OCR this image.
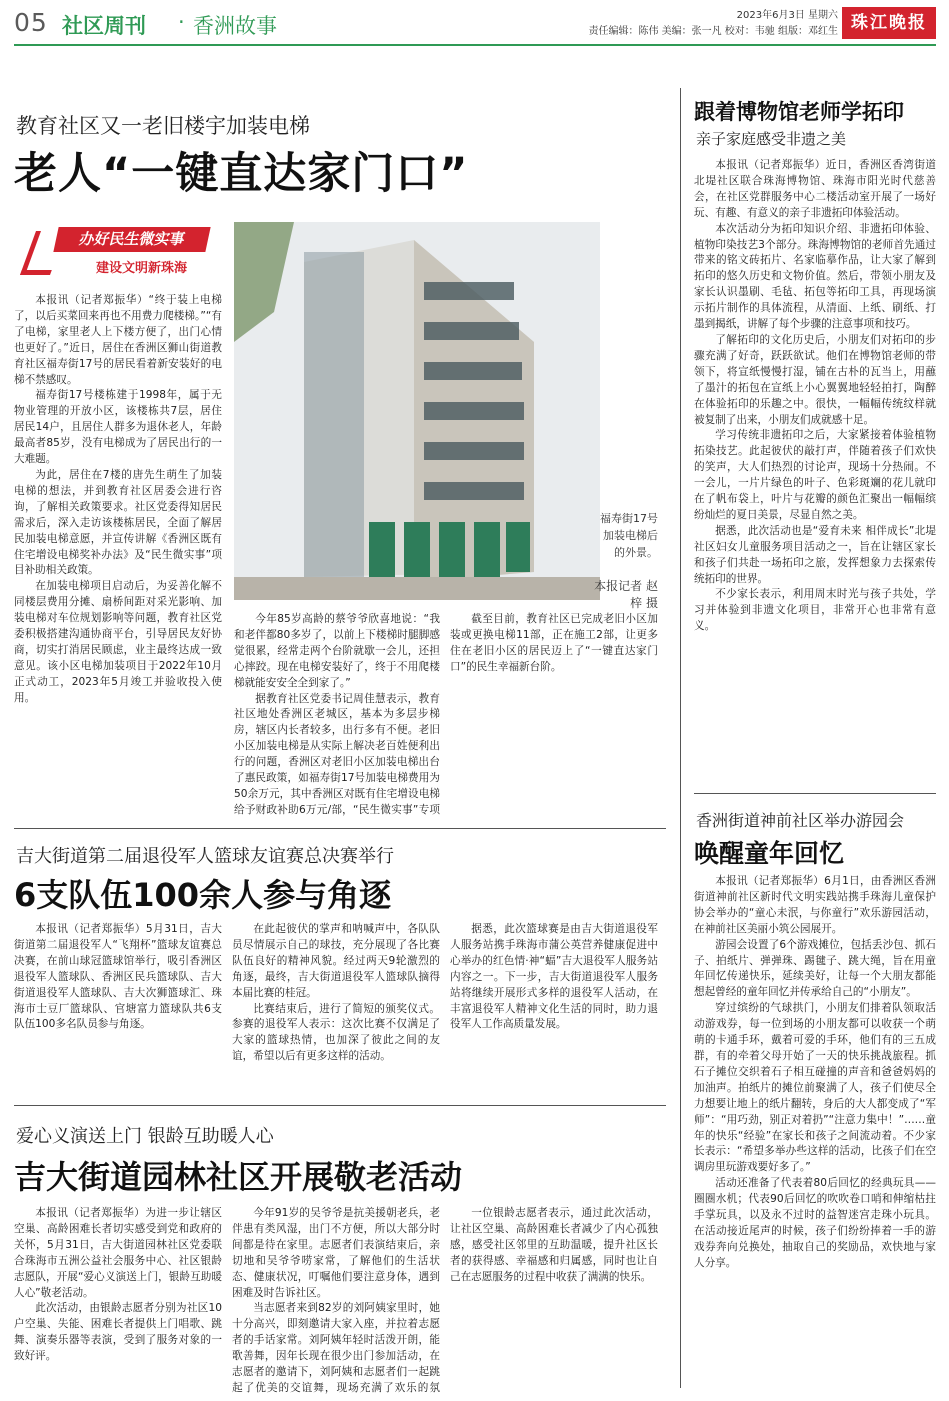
05 社区周刊 · 香洲故事	2023年6月3日 星期六
责任编辑：陈伟 美编：张一凡 校对：韦驰 组版：邓红生 珠江晚报
教育社区又一老旧楼宇加装电梯
老人“一键直达家门口”
办好民生微实事
建设文明新珠海
福寿街17号加装电梯后的外景。
本报记者 赵梓 摄

本报讯（记者郑振华）“终于装上电梯了，以后买菜回来再也不用费力爬楼梯。”“有了电梯，家里老人上下楼方便了，出门心情也更好了。”近日，居住在香洲区狮山街道教育社区福寿街17号的居民看着新安装好的电梯不禁感叹。

福寿街17号楼栋建于1998年，属于无物业管理的开放小区，该楼栋共7层，居住居民14户，且居住人群多为退休老人，年龄最高者85岁，没有电梯成为了居民出行的一大难题。

为此，居住在7楼的唐先生萌生了加装电梯的想法，并到教育社区居委会进行咨询，了解相关政策要求。社区党委得知居民需求后，深入走访该楼栋居民，全面了解居民加装电梯意愿，并宣传讲解《香洲区既有住宅增设电梯奖补办法》及“民生微实事”项目补助相关政策。

在加装电梯项目启动后，为妥善化解不同楼层费用分摊、扇桥间距对采光影响、加装电梯对车位规划影响等问题，教育社区党委积极搭建沟通协商平台，引导居民友好协商，切实打消居民顾虑，业主最终达成一致意见。该小区电梯加装项目于2022年10月正式动工，2023年5月竣工并验收投入使用。

今年85岁高龄的蔡爷爷欣喜地说：“我和老伴都80多岁了，以前上下楼梯时腿脚感觉很累，经常走两个台阶就歇一会儿，还担心摔跤。现在电梯安装好了，终于不用爬楼梯就能安安全全到家了。”

据教育社区党委书记周佳慧表示，教育社区地处香洲区老城区，基本为多层步梯房，辖区内长者较多，出行多有不便。老旧小区加装电梯是从实际上解决老百姓便利出行的问题，香洲区对老旧小区加装电梯出台了惠民政策，如福寿街17号加装电梯费用为50余万元，其中香洲区对既有住宅增设电梯给予财政补助6万元/部，“民生微实事”专项

截至目前，教育社区已完成老旧小区加装或更换电梯11部，正在施工2部，让更多住在老旧小区的居民迈上了“一键直达家门口”的民生幸福新台阶。

吉大街道第二届退役军人篮球友谊赛总决赛举行
6支队伍100余人参与角逐

本报讯（记者郑振华）5月31日，吉大街道第二届退役军人“飞翔杯”篮球友谊赛总决赛，在前山球冠篮球馆举行，吸引香洲区退役军人篮球队、香洲区民兵篮球队、吉大街道退役军人篮球队、吉大次狮篮球汇、珠海市士豆厂篮球队、官塘富力篮球队共6支队伍100多名队员参与角逐。

在此起彼伏的掌声和呐喊声中，各队队员尽情展示自己的球技，充分展现了各比赛队伍良好的精神风貌。经过两天9轮激烈的角逐，最终，吉大街道退役军人篮球队摘得本届比赛的桂冠。

比赛结束后，进行了简短的颁奖仪式。参赛的退役军人表示：这次比赛不仅满足了大家的篮球热情，也加深了彼此之间的友谊，希望以后有更多这样的活动。

据悉，此次篮球赛是由吉大街道退役军人服务站携手珠海市蒲公英营养健康促进中心举办的红色情·神“蝠”吉大退役军人服务站内容之一。下一步，吉大街道退役军人服务站将继续开展形式多样的退役军人活动，在丰富退役军人精神文化生活的同时，助力退役军人工作高质量发展。

爱心义演送上门 银龄互助暖人心
吉大街道园林社区开展敬老活动

本报讯（记者郑振华）为进一步让辖区空巢、高龄困难长者切实感受到党和政府的关怀，5月31日，吉大街道园林社区党委联合珠海市五洲公益社会服务中心、社区银龄志愿队，开展“爱心义演送上门，银龄互助暖人心”敬老活动。

此次活动，由银龄志愿者分别为社区10户空巢、失能、困难长者提供上门唱歌、跳舞、演奏乐器等表演，受到了服务对象的一致好评。

今年91岁的吴爷爷是抗美援朝老兵，老伴患有类风湿，出门不方便，所以大部分时间都是待在家里。志愿者们表演结束后，亲切地和吴爷爷唠家常，了解他们的生活状态、健康状况，叮嘱他们要注意身体，遇到困难及时告诉社区。

当志愿者来到82岁的刘阿姨家里时，她十分高兴，即刻邀请大家入座，并拉着志愿者的手话家常。刘阿姨年轻时活泼开朗，能歌善舞，因年长现在很少出门参加活动，在志愿者的邀请下，刘阿姨和志愿者们一起跳起了优美的交谊舞，现场充满了欢乐的氛

一位银龄志愿者表示，通过此次活动，让社区空巢、高龄困难长者减少了内心孤独感，感受社区邻里的互助温暖，提升社区长者的获得感、幸福感和归属感，同时也让自己在志愿服务的过程中收获了满满的快乐。

跟着博物馆老师学拓印
亲子家庭感受非遗之美

本报讯（记者郑振华）近日，香洲区香湾街道北堤社区联合珠海博物馆、珠海市阳光时代慈善会，在社区党群服务中心二楼活动室开展了一场好玩、有趣、有意义的亲子非遗拓印体验活动。

本次活动分为拓印知识介绍、非遗拓印体验、植物印染技艺3个部分。珠海博物馆的老师首先通过带来的铭文砖拓片、名家临摹作品，让大家了解到拓印的悠久历史和文物价值。然后，带领小朋友及家长认识墨刷、毛毡、拓包等拓印工具，再现场演示拓片制作的具体流程，从清面、上纸、刷纸、打墨到揭纸，讲解了每个步骤的注意事项和技巧。

了解拓印的文化历史后，小朋友们对拓印的步骤充满了好奇，跃跃欲试。他们在博物馆老师的带领下，将宣纸慢慢打湿，铺在古朴的瓦当上，用蘸了墨汁的拓包在宣纸上小心翼翼地轻轻拍打，陶醉在体验拓印的乐趣之中。很快，一幅幅传统纹样就被复制了出来，小朋友们成就感十足。

学习传统非遗拓印之后，大家紧接着体验植物拓染技艺。此起彼伏的敲打声，伴随着孩子们欢快的笑声，大人们热烈的讨论声，现场十分热闹。不一会儿，一片片绿色的叶子、色彩斑斓的花儿就印在了帆布袋上，叶片与花瓣的颜色汇聚出一幅幅缤纷灿烂的夏日美景，尽显自然之美。

据悉，此次活动也是“爱育未来 相伴成长”北堤社区妇女儿童服务项目活动之一，旨在让辖区家长和孩子们共赴一场拓印之旅，发挥想象力去探索传统拓印的世界。

不少家长表示，利用周末时光与孩子共处，学习并体验到非遗文化项目，非常开心也非常有意义。

香洲街道神前社区举办游园会
唤醒童年回忆

本报讯（记者郑振华）6月1日，由香洲区香洲街道神前社区新时代文明实践站携手珠海儿童保护协会举办的“童心未泯，与你童行”欢乐游园活动，在神前社区美丽小筑公园展开。

游园会设置了6个游戏摊位，包括丢沙包、抓石子、拍纸片、弹弹珠、踢毽子、跳大绳，旨在用童年回忆传递快乐，延续美好，让每一个大朋友都能想起曾经的童年回忆并传承给自己的“小朋友”。

穿过缤纷的气球拱门，小朋友们排着队领取活动游戏券，每一位到场的小朋友都可以收获一个萌萌的卡通手环，戴着可爱的手环，他们有的三五成群，有的牵着父母开始了一天的快乐挑战旅程。抓石子摊位交织着石子相互碰撞的声音和爸爸妈妈的加油声。拍纸片的摊位前聚满了人，孩子们使尽全力想要让地上的纸片翻转，身后的大人都变成了“军师”：“用巧劲，别正对着扔”“注意力集中！”……童年的快乐“经验”在家长和孩子之间流动着。不少家长表示：“希望多举办些这样的活动，比孩子们在空调房里玩游戏要好多了。”

活动还准备了代表着80后回忆的经典玩具——圈圈水机；代表90后回忆的吹吹卷口哨和伸缩枯拄手掌玩具，以及永不过时的益智迷宫走珠小玩具。在活动接近尾声的时候，孩子们纷纷捧着一手的游戏券奔向兑换处，抽取自己的奖励品，欢快地与家人分享。
